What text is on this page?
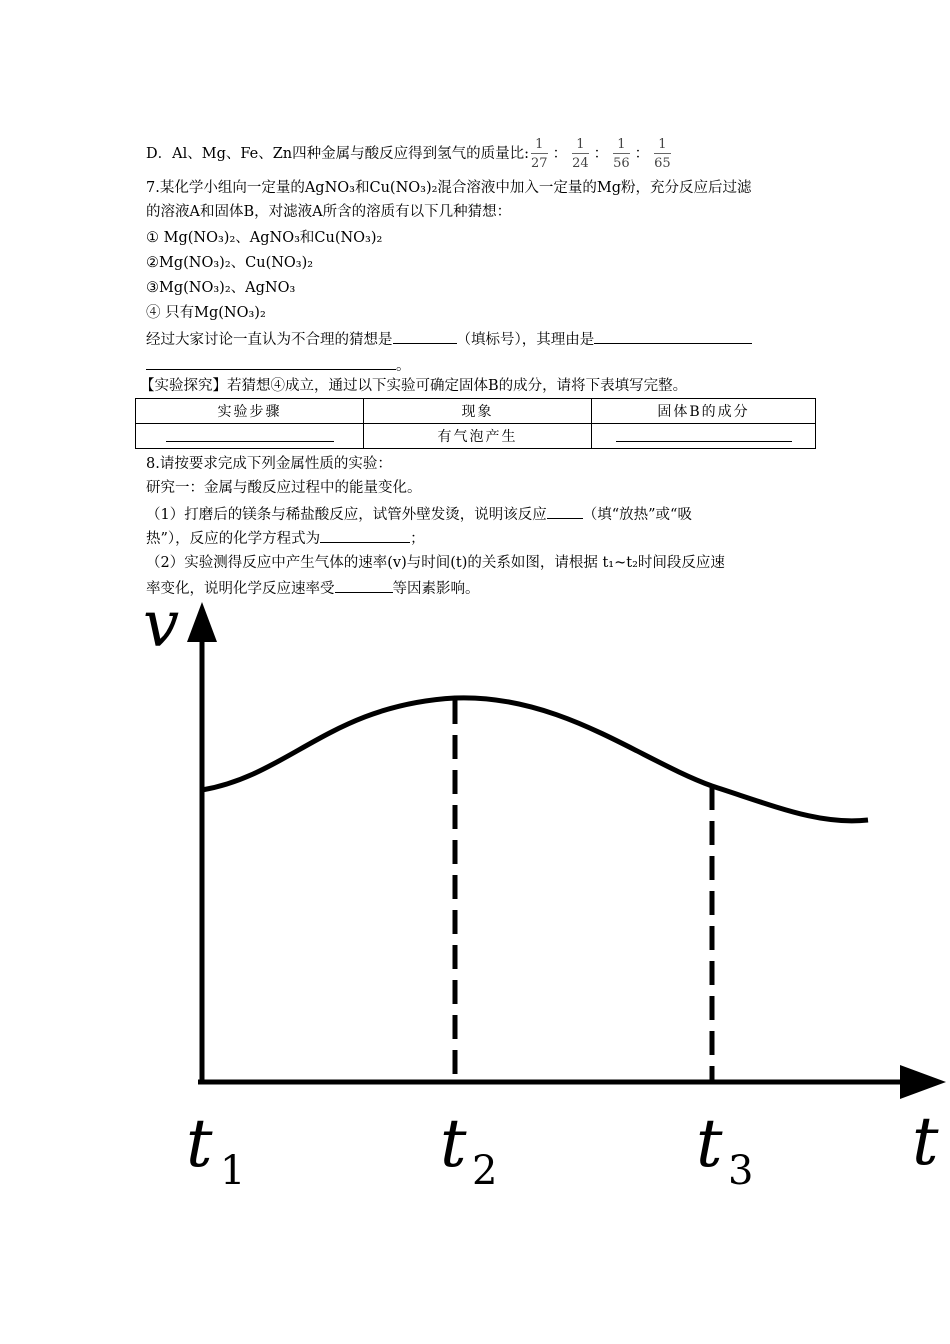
D．Al、Mg、Fe、Zn四种金属与酸反应得到氢气的质量比: $\frac{1}{27}$ ： $\frac{1}{24}$ ： $\frac{1}{56}$ ： $\frac{1}{65}$
7.某化学小组向一定量的AgNO₃和Cu(NO₃)₂混合溶液中加入一定量的Mg粉，充分反应后过滤
的溶液A和固体B，对滤液A所含的溶质有以下几种猜想：
① Mg(NO₃)₂、AgNO₃和Cu(NO₃)₂
②Mg(NO₃)₂、Cu(NO₃)₂
③Mg(NO₃)₂、AgNO₃
④ 只有Mg(NO₃)₂
经过大家讨论一直认为不合理的猜想是	（填标号），其理由是
。
【实验探究】若猜想④成立，通过以下实验可确定固体B的成分，请将下表填写完整。
实验步骤	现象	固体B的成分
	有气泡产生	
8.请按要求完成下列金属性质的实验：
研究一：金属与酸反应过程中的能量变化。
（1）打磨后的镁条与稀盐酸反应，试管外壁发烫，说明该反应 （填“放热”或“吸
热”），反应的化学方程式为	；
（2）实验测得反应中产生气体的速率(v)与时间(t)的关系如图，请根据 t₁~t₂时间段反应速
率变化，说明化学反应速率受	等因素影响。
v
t
t 1	t 2	t 3
